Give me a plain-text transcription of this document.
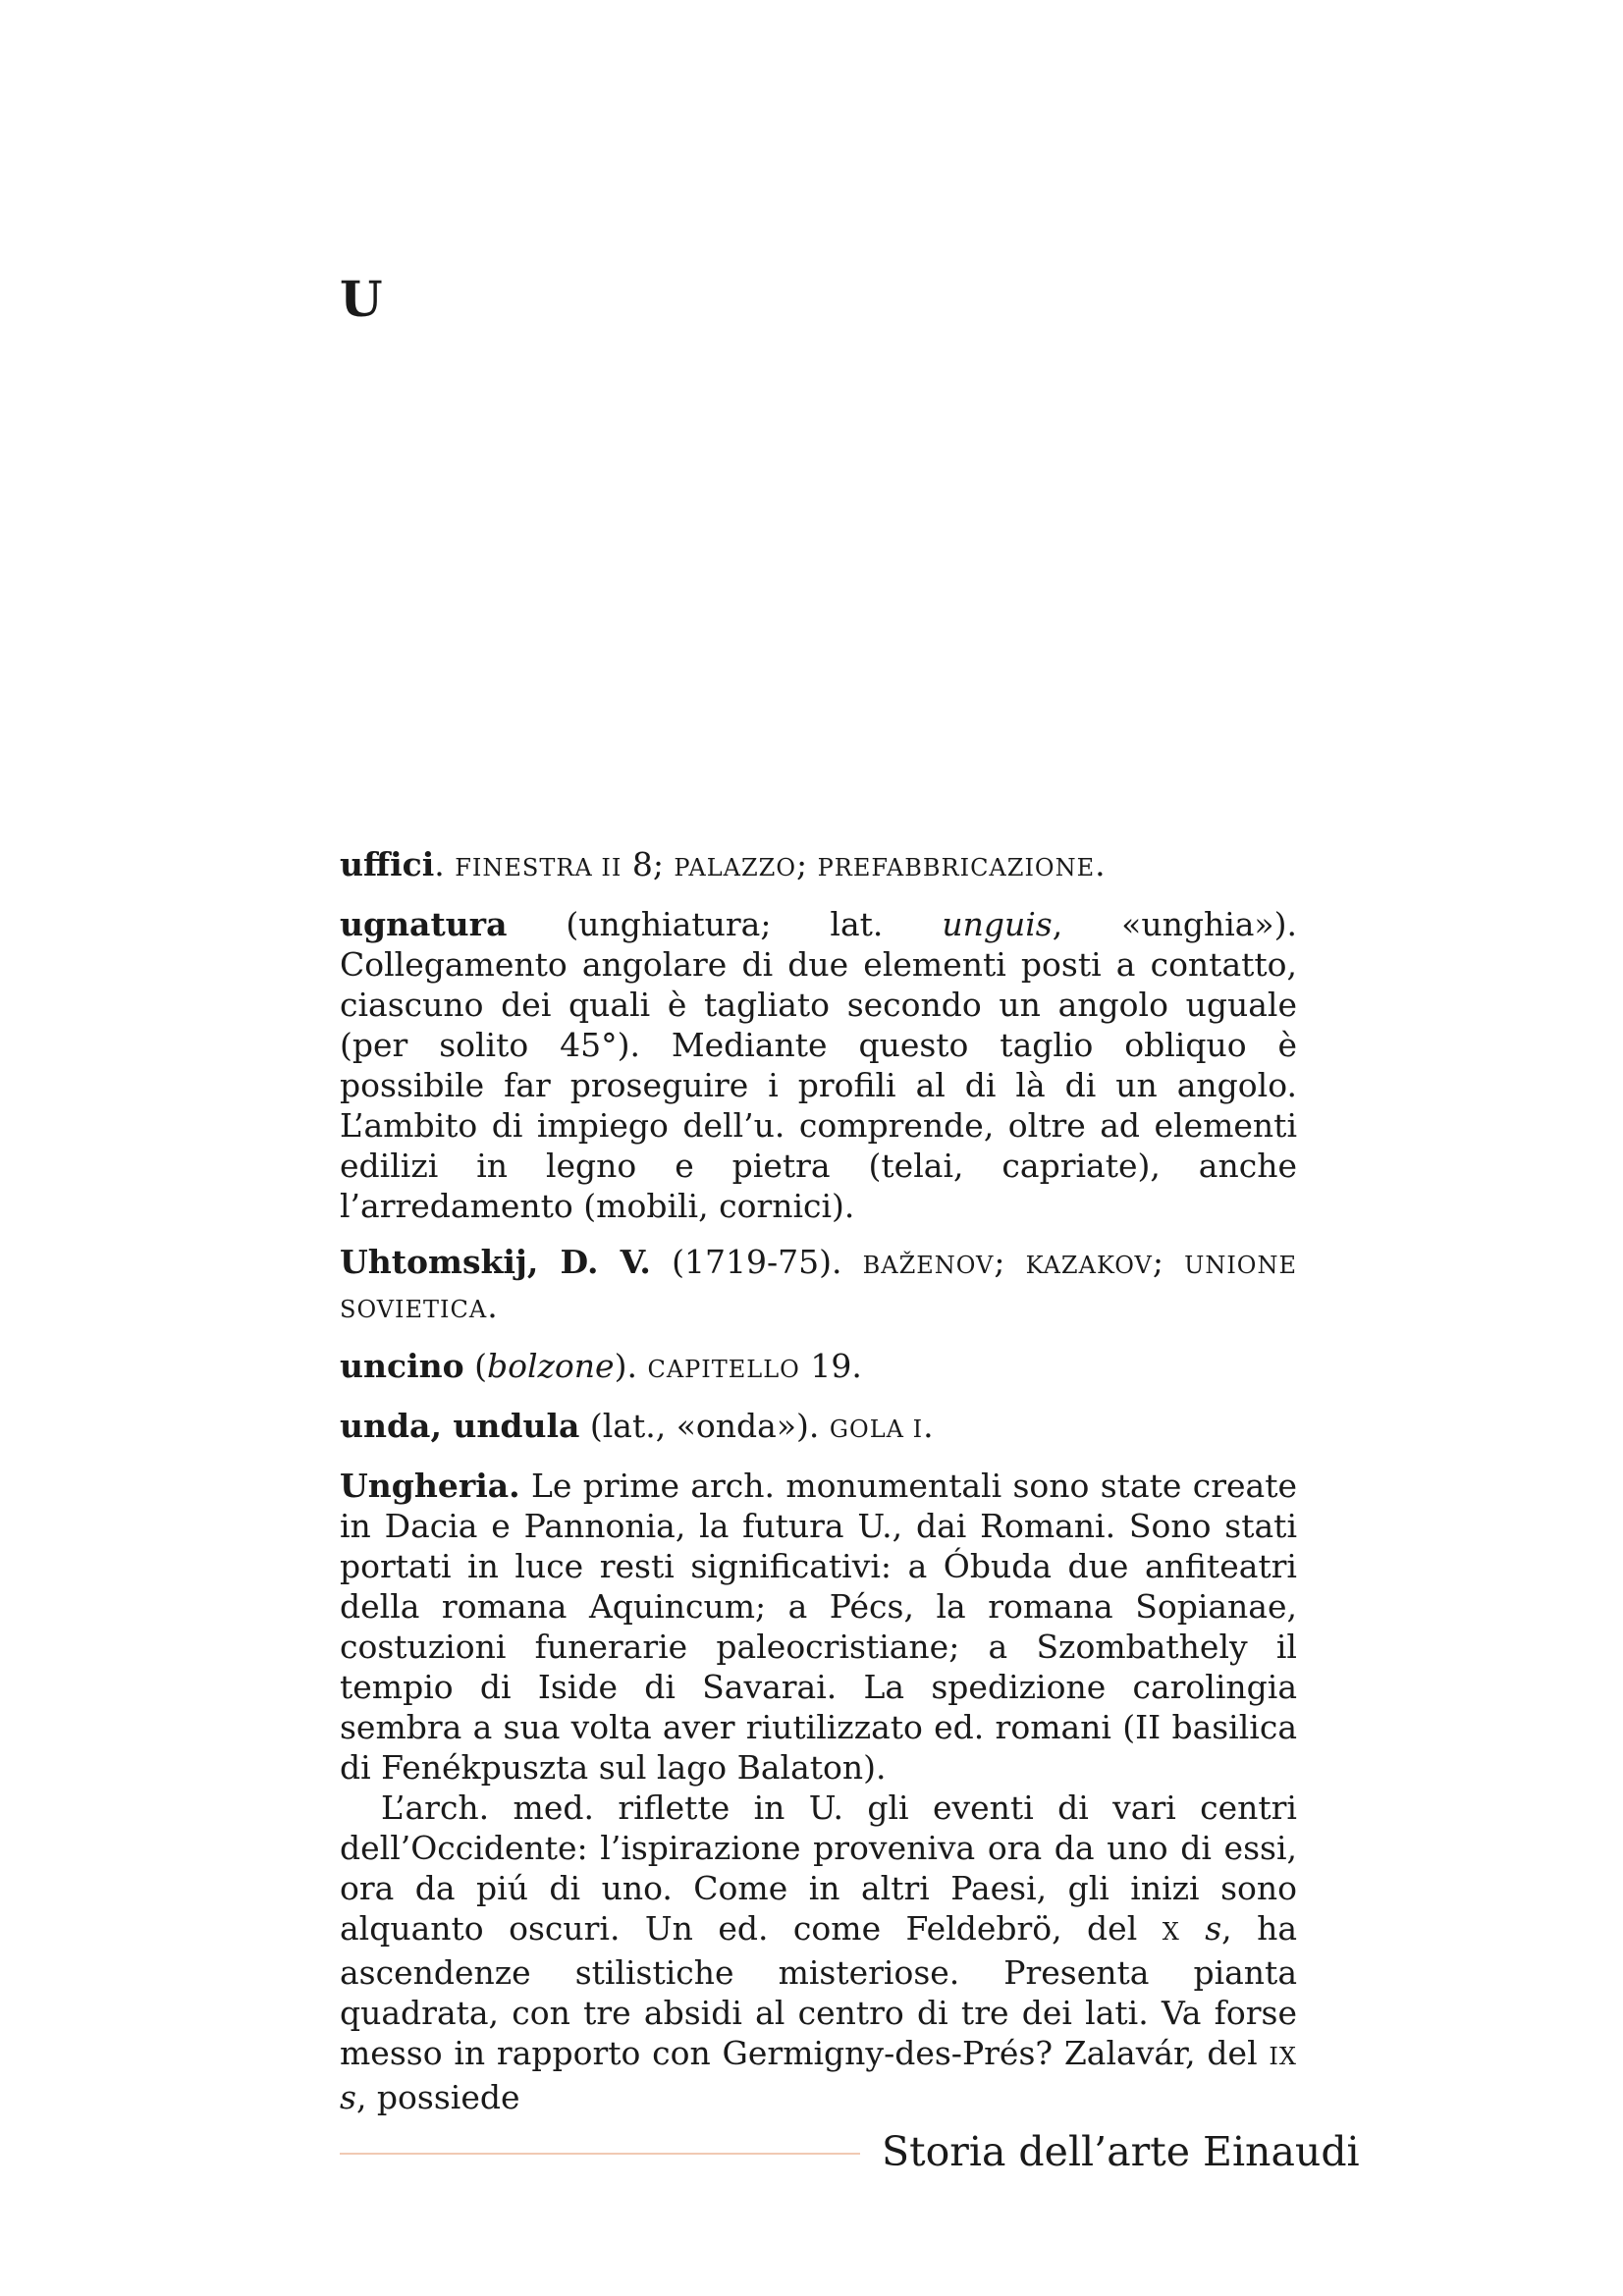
U

uffici. FINESTRA II 8; PALAZZO; PREFABBRICAZIONE.

ugnatura (unghiatura; lat. unguis, «unghia»). Collegamento angolare di due elementi posti a contatto, ciascuno dei quali è tagliato secondo un angolo uguale (per solito 45°). Mediante questo taglio obliquo è possibile far proseguire i profili al di là di un angolo. L’ambito di impiego dell’u. comprende, oltre ad elementi edilizi in legno e pietra (telai, capriate), anche l’arredamento (mobili, cornici).

Uhtomskij, D. V. (1719-75). BAŽENOV; KAZAKOV; UNIONE SOVIETICA.

uncino (bolzone). CAPITELLO 19.

unda, undula (lat., «onda»). GOLA I.

Ungheria. Le prime arch. monumentali sono state create in Dacia e Pannonia, la futura U., dai Romani. Sono stati portati in luce resti significativi: a Óbuda due anfiteatri della romana Aquincum; a Pécs, la romana Sopianae, costuzioni funerarie paleocristiane; a Szombathely il tempio di Iside di Savarai. La spedizione carolingia sembra a sua volta aver riutilizzato ed. romani (II basilica di Fenékpuszta sul lago Balaton).

L’arch. med. riflette in U. gli eventi di vari centri dell’Occidente: l’ispirazione proveniva ora da uno di essi, ora da piú di uno. Come in altri Paesi, gli inizi sono alquanto oscuri. Un ed. come Feldebrö, del X s, ha ascendenze stilistiche misteriose. Presenta pianta quadrata, con tre absidi al centro di tre dei lati. Va forse messo in rapporto con Germigny-des-Prés? Zalavár, del IX s, possiede

Storia dell’arte Einaudi
